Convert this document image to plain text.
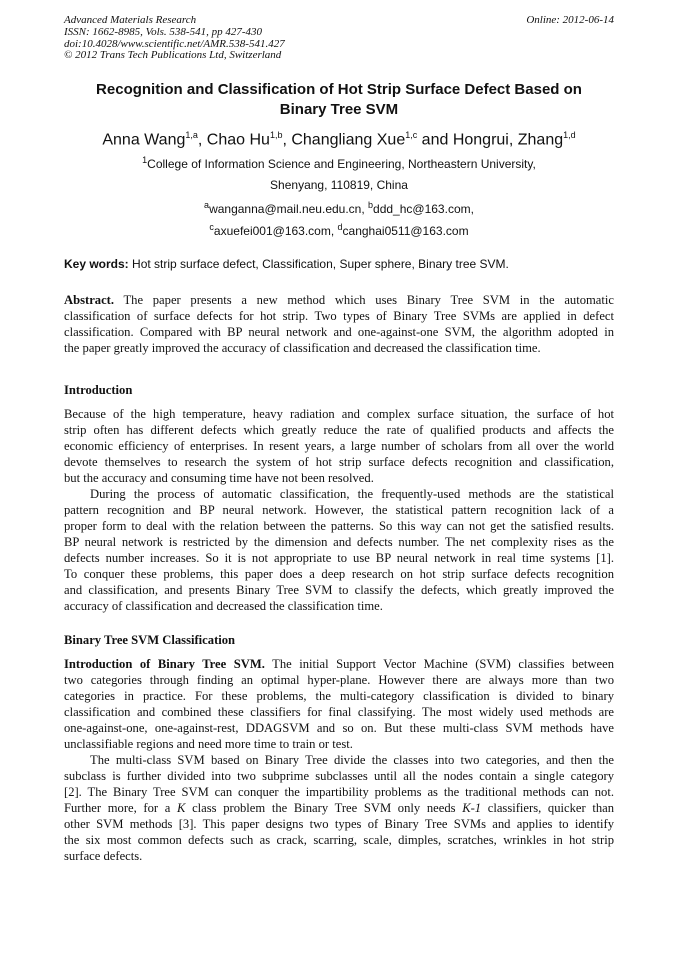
Advanced Materials Research
ISSN: 1662-8985, Vols. 538-541, pp 427-430
doi:10.4028/www.scientific.net/AMR.538-541.427
© 2012 Trans Tech Publications Ltd, Switzerland
Online: 2012-06-14
Recognition and Classification of Hot Strip Surface Defect Based on
Binary Tree SVM
Anna Wang$^{1,a}$, Chao Hu$^{1,b}$, Changliang Xue$^{1,c}$ and Hongrui, Zhang$^{1,d}$
$^1$College of Information Science and Engineering, Northeastern University,
Shenyang, 110819, China
$^a$wanganna@mail.neu.edu.cn, $^b$ddd_hc@163.com,
$^c$axuefei001@163.com, $^d$canghai0511@163.com
Key words: Hot strip surface defect, Classification, Super sphere, Binary tree SVM.
Abstract. The paper presents a new method which uses Binary Tree SVM in the automatic
classification of surface defects for hot strip. Two types of Binary Tree SVMs are applied in defect
classification. Compared with BP neural network and one-against-one SVM, the algorithm adopted in
the paper greatly improved the accuracy of classification and decreased the classification time.
Introduction
Because of the high temperature, heavy radiation and complex surface situation, the surface of hot
strip often has different defects which greatly reduce the rate of qualified products and affects the
economic efficiency of enterprises. In resent years, a large number of scholars from all over the world
devote themselves to research the system of hot strip surface defects recognition and classification,
but the accuracy and consuming time have not been resolved.
During the process of automatic classification, the frequently-used methods are the statistical
pattern recognition and BP neural network. However, the statistical pattern recognition lack of a
proper form to deal with the relation between the patterns. So this way can not get the satisfied results.
BP neural network is restricted by the dimension and defects number. The net complexity rises as the
defects number increases. So it is not appropriate to use BP neural network in real time systems [1].
To conquer these problems, this paper does a deep research on hot strip surface defects recognition
and classification, and presents Binary Tree SVM to classify the defects, which greatly improved the
accuracy of classification and decreased the classification time.
Binary Tree SVM Classification
Introduction of Binary Tree SVM. The initial Support Vector Machine (SVM) classifies between
two categories through finding an optimal hyper-plane. However there are always more than two
categories in practice. For these problems, the multi-category classification is divided to binary
classification and combined these classifiers for final classifying. The most widely used methods are
one-against-one, one-against-rest, DDAGSVM and so on. But these multi-class SVM methods have
unclassifiable regions and need more time to train or test.
The multi-class SVM based on Binary Tree divide the classes into two categories, and then the
subclass is further divided into two subprime subclasses until all the nodes contain a single category
[2]. The Binary Tree SVM can conquer the impartibility problems as the traditional methods can not.
Further more, for a K class problem the Binary Tree SVM only needs K-1 classifiers, quicker than
other SVM methods [3]. This paper designs two types of Binary Tree SVMs and applies to identify
the six most common defects such as crack, scarring, scale, dimples, scratches, wrinkles in hot strip
surface defects.
